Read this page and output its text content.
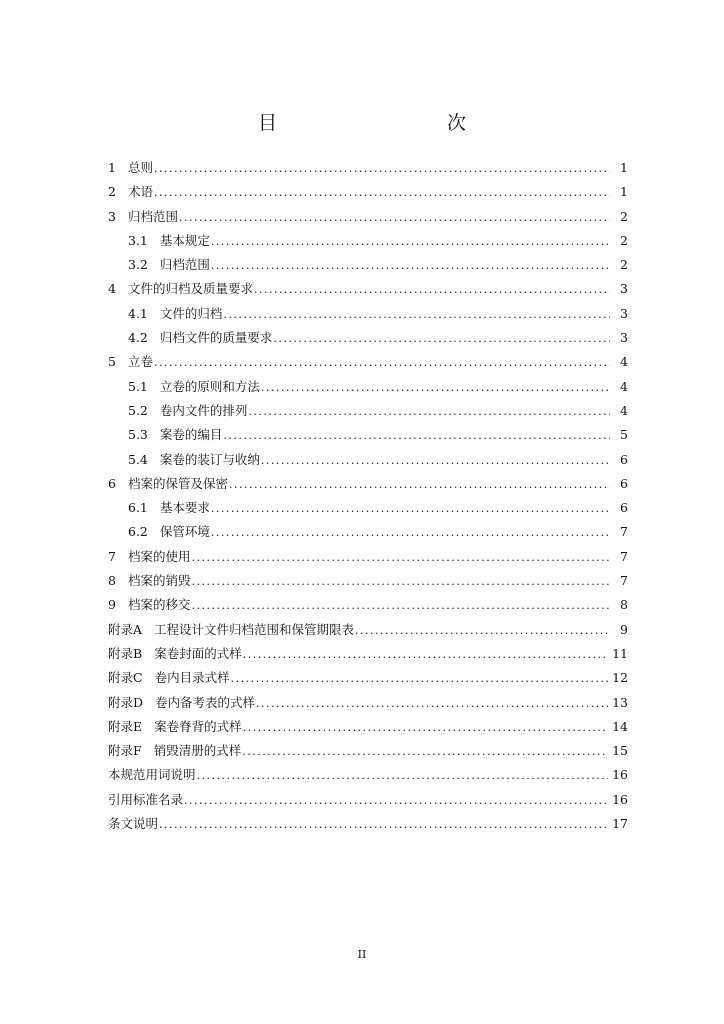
目　　次
1 总则 .....	1
2 术语 .....	1
3 归档范围 .....	2
3.1 基本规定 .....	2
3.2 归档范围 .....	2
4 文件的归档及质量要求 .....	3
4.1 文件的归档 .....	3
4.2 归档文件的质量要求 .....	3
5 立卷 .....	4
5.1 立卷的原则和方法 .....	4
5.2 卷内文件的排列 .....	4
5.3 案卷的编目 .....	5
5.4 案卷的装订与收纳 .....	6
6 档案的保管及保密 .....	6
6.1 基本要求 .....	6
6.2 保管环境 .....	7
7 档案的使用 .....	7
8 档案的销毁 .....	7
9 档案的移交 .....	8
附录A 工程设计文件归档范围和保管期限表 .....	9
附录B 案卷封面的式样 .....	11
附录C 卷内目录式样 .....	12
附录D 卷内备考表的式样 .....	13
附录E 案卷脊背的式样 .....	14
附录F 销毁清册的式样 .....	15
本规范用词说明 .....	16
引用标准名录 .....	16
条文说明 .....	17
II
